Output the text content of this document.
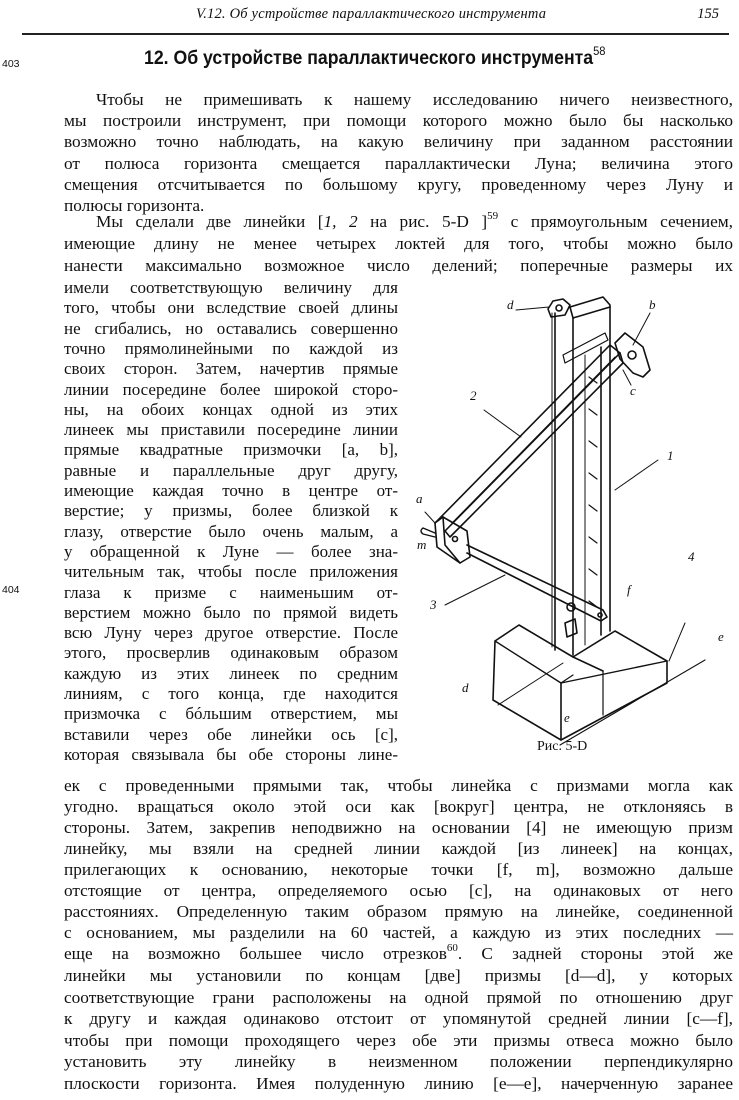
V.12. Об устройстве параллактического инструмента	155
403
404
12. Об устройстве параллактического инструмента$^{58}$
Чтобы не примешивать к нашему исследованию ничего неизвестного,
мы построили инструмент, при помощи которого можно было бы насколько
возможно точно наблюдать, на какую величину при заданном расстоянии
от полюса горизонта смещается параллактически Луна; величина этого
смещения отсчитывается по большому кругу, проведенному через Луну и
полюсы горизонта.
Мы сделали две линейки [1, 2 на рис. 5-D ]$^{59}$ с прямоугольным сечением,
имеющие длину не менее четырех локтей для того, чтобы можно было
нанести максимально возможное число делений; поперечные размеры их
имели соответствующую величину для
того, чтобы они вследствие своей длины
не сгибались, но оставались совершенно
точно прямолинейными по каждой из
своих сторон. Затем, начертив прямые
линии посередине более широкой сторо-
ны, на обоих концах одной из этих
линеек мы приставили посередине линии
прямые квадратные призмочки [a, b],
равные и параллельные друг другу,
имеющие каждая точно в центре от-
верстие; у призмы, более близкой к
глазу, отверстие было очень малым, а
у обращенной к Луне — более зна-
чительным так, чтобы после приложения
глаза к призме с наименьшим от-
верстием можно было по прямой видеть
всю Луну через другое отверстие. После
этого, просверлив одинаковым образом
каждую из этих линеек по средним
линиям, с того конца, где находится
призмочка с бóльшим отверстием, мы
вставили через обе линейки ось [c],
которая связывала бы обе стороны лине-
ек с проведенными прямыми так, чтобы линейка с призмами могла как
угодно. вращаться около этой оси как [вокруг] центра, не отклоняясь в
стороны. Затем, закрепив неподвижно на основании [4] не имеющую призм
линейку, мы взяли на средней линии каждой [из линеек] на концах,
прилегающих к основанию, некоторые точки [f, m], возможно дальше
отстоящие от центра, определяемого осью [c], на одинаковых от него
расстояниях. Определенную таким образом прямую на линейке, соединенной
с основанием, мы разделили на 60 частей, а каждую из этих последних —
еще на возможно большее число отрезков$^{60}$. С задней стороны этой же
линейки мы установили по концам [две] призмы [d—d], у которых
соответствующие грани расположены на одной прямой по отношению друг
к другу и каждая одинаково отстоит от упомянутой средней линии [c—f],
чтобы при помощи проходящего через обе эти призмы отвеса можно было
установить эту линейку в неизменном положении перпендикулярно
плоскости горизонта. Имея полуденную линию [e—e], начерченную заранее
d	b
c
2
1
a
m
3
f
4
e
d
e
Рис. 5-D
